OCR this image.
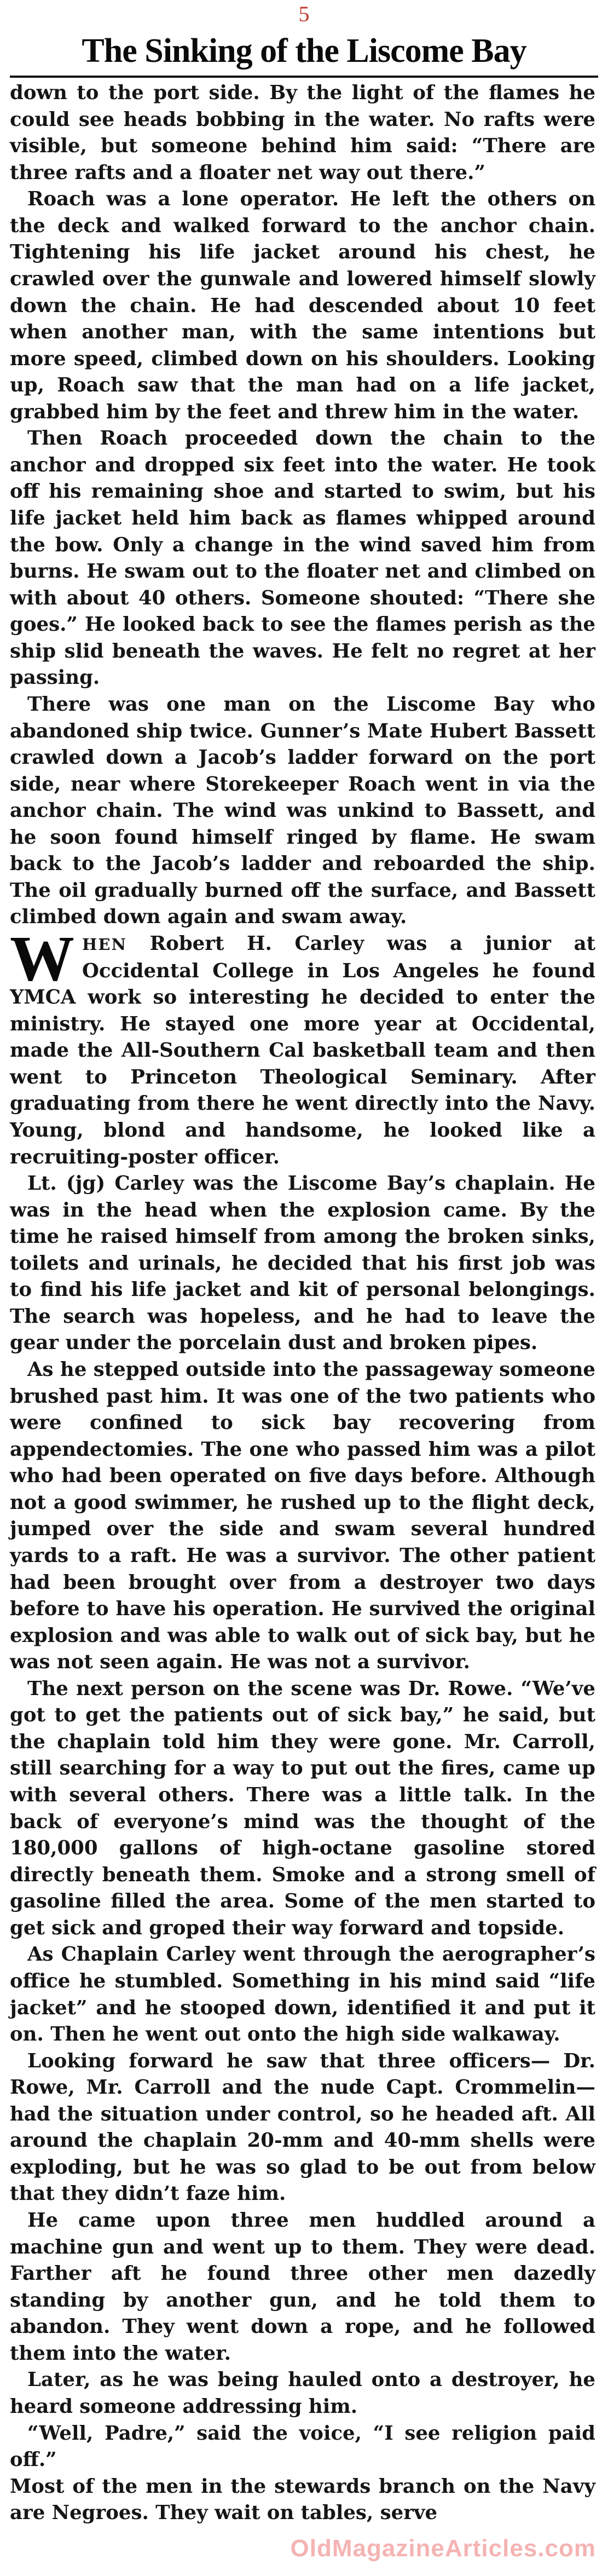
5
The Sinking of the Liscome Bay

down to the port side. By the light of the flames he could see heads bobbing in the water. No rafts were visible, but someone behind him said: “There are three rafts and a floater net way out there.”

Roach was a lone operator. He left the others on the deck and walked forward to the anchor chain. Tightening his life jacket around his chest, he crawled over the gunwale and lowered himself slowly down the chain. He had descended about 10 feet when another man, with the same intentions but more speed, climbed down on his shoulders. Looking up, Roach saw that the man had on a life jacket, grabbed him by the feet and threw him in the water.

Then Roach proceeded down the chain to the anchor and dropped six feet into the water. He took off his remaining shoe and started to swim, but his life jacket held him back as flames whipped around the bow. Only a change in the wind saved him from burns. He swam out to the floater net and climbed on with about 40 others. Someone shouted: “There she goes.” He looked back to see the flames perish as the ship slid beneath the waves. He felt no regret at her passing.

There was one man on the Liscome Bay who abandoned ship twice. Gunner’s Mate Hubert Bassett crawled down a Jacob’s ladder forward on the port side, near where Storekeeper Roach went in via the anchor chain. The wind was unkind to Bassett, and he soon found himself ringed by flame. He swam back to the Jacob’s ladder and reboarded the ship. The oil gradually burned off the surface, and Bassett climbed down again and swam away.

WHEN Robert H. Carley was a junior at Occidental College in Los Angeles he found YMCA work so interesting he decided to enter the ministry. He stayed one more year at Occidental, made the All-Southern Cal basketball team and then went to Princeton Theological Seminary. After graduating from there he went directly into the Navy. Young, blond and handsome, he looked like a recruiting-poster officer.

Lt. (jg) Carley was the Liscome Bay’s chaplain. He was in the head when the explosion came. By the time he raised himself from among the broken sinks, toilets and urinals, he decided that his first job was to find his life jacket and kit of personal belongings. The search was hopeless, and he had to leave the gear under the porcelain dust and broken pipes.

As he stepped outside into the passageway someone brushed past him. It was one of the two patients who were confined to sick bay recovering from appendectomies. The one who passed him was a pilot who had been operated on five days before. Although not a good swimmer, he rushed up to the flight deck, jumped over the side and swam several hundred yards to a raft. He was a survivor. The other patient had been brought over from a destroyer two days before to have his operation. He survived the original explosion and was able to walk out of sick bay, but he was not seen again. He was not a survivor.

The next person on the scene was Dr. Rowe. “We’ve got to get the patients out of sick bay,” he said, but the chaplain told him they were gone. Mr. Carroll, still searching for a way to put out the fires, came up with several others. There was a little talk. In the back of everyone’s mind was the thought of the 180,000 gallons of high-octane gasoline stored directly beneath them. Smoke and a strong smell of gasoline filled the area. Some of the men started to get sick and groped their way forward and topside.

As Chaplain Carley went through the aerographer’s office he stumbled. Something in his mind said “life jacket” and he stooped down, identified it and put it on. Then he went out onto the high side walkaway.

Looking forward he saw that three officers— Dr. Rowe, Mr. Carroll and the nude Capt. Crommelin—had the situation under control, so he headed aft. All around the chaplain 20-mm and 40-mm shells were exploding, but he was so glad to be out from below that they didn’t faze him.

He came upon three men huddled around a machine gun and went up to them. They were dead. Farther aft he found three other men dazedly standing by another gun, and he told them to abandon. They went down a rope, and he followed them into the water.

Later, as he was being hauled onto a destroyer, he heard someone addressing him.

“Well, Padre,” said the voice, “I see religion paid off.”

Most of the men in the stewards branch on the Navy are Negroes. They wait on tables, serve

OldMagazineArticles.com
